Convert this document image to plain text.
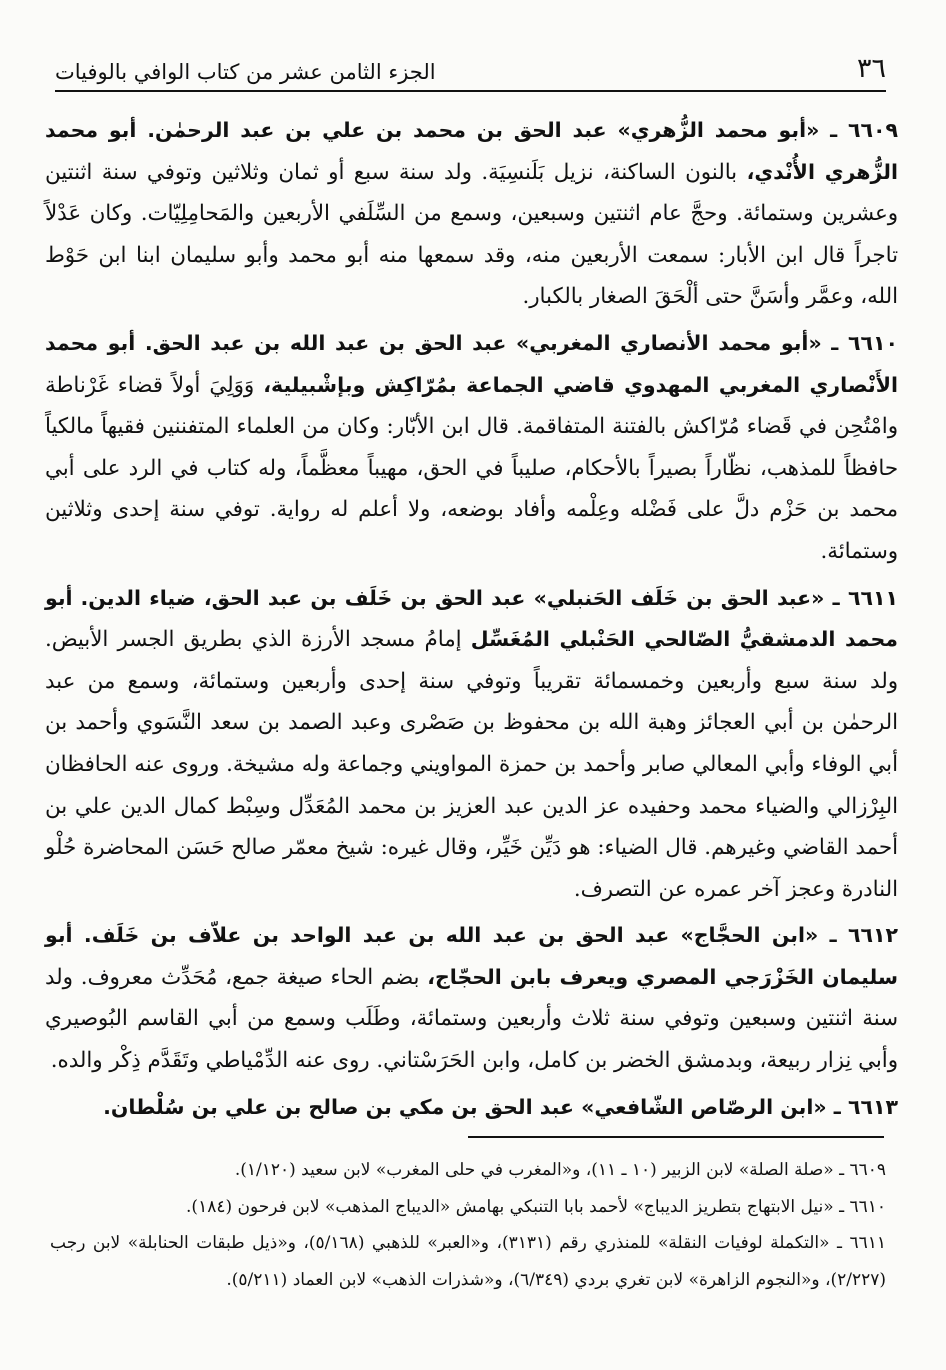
٣٦
الجزء الثامن عشر من كتاب الوافي بالوفيات

٦٦٠٩ ـ «أبو محمد الزُّهري» عبد الحق بن محمد بن علي بن عبد الرحمٰن. أبو محمد الزُّهري الأُنْدي، بالنون الساكنة، نزيل بَلَنسِيَة. ولد سنة سبع أو ثمان وثلاثين وتوفي سنة اثنتين وعشرين وستمائة. وحجَّ عام اثنتين وسبعين، وسمع من السِّلَفي الأربعين والمَحامِلِيّات. وكان عَدْلاً تاجراً قال ابن الأبار: سمعت الأربعين منه، وقد سمعها منه أبو محمد وأبو سليمان ابنا ابن حَوْط الله، وعمَّر وأسَنَّ حتى ألْحَقَ الصغار بالكبار.

٦٦١٠ ـ «أبو محمد الأنصاري المغربي» عبد الحق بن عبد الله بن عبد الحق. أبو محمد الأَنْصاري المغربي المهدوي قاضي الجماعة بمُرّاكِش وبإشْبيلية، وَوَلِيَ أولاً قضاء غَرْناطة وامْتُحِن في قَضاء مُرّاكش بالفتنة المتفاقمة. قال ابن الأبّار: وكان من العلماء المتفننين فقيهاً مالكياً حافظاً للمذهب، نظّاراً بصيراً بالأحكام، صليباً في الحق، مهيباً معظَّماً، وله كتاب في الرد على أبي محمد بن حَزْم دلَّ على فَضْله وعِلْمه وأفاد بوضعه، ولا أعلم له رواية. توفي سنة إحدى وثلاثين وستمائة.

٦٦١١ ـ «عبد الحق بن خَلَف الحَنبلي» عبد الحق بن خَلَف بن عبد الحق، ضياء الدين. أبو محمد الدمشقيُّ الصّالحي الحَنْبلي المُغَسِّل إمامُ مسجد الأرزة الذي بطريق الجسر الأبيض. ولد سنة سبع وأربعين وخمسمائة تقريباً وتوفي سنة إحدى وأربعين وستمائة، وسمع من عبد الرحمٰن بن أبي العجائز وهبة الله بن محفوظ بن صَصْرى وعبد الصمد بن سعد النَّسَوي وأحمد بن أبي الوفاء وأبي المعالي صابر وأحمد بن حمزة المواويني وجماعة وله مشيخة. وروى عنه الحافظان البِرْزالي والضياء محمد وحفيده عز الدين عبد العزيز بن محمد المُعَدِّل وسِبْط كمال الدين علي بن أحمد القاضي وغيرهم. قال الضياء: هو دَيِّن خَيِّر، وقال غيره: شيخ معمّر صالح حَسَن المحاضرة حُلْو النادرة وعجز آخر عمره عن التصرف.

٦٦١٢ ـ «ابن الحجَّاج» عبد الحق بن عبد الله بن عبد الواحد بن علاّف بن خَلَف. أبو سليمان الخَزْرَجي المصري ويعرف بابن الحجّاج، بضم الحاء صيغة جمع، مُحَدِّث معروف. ولد سنة اثنتين وسبعين وتوفي سنة ثلاث وأربعين وستمائة، وطَلَب وسمع من أبي القاسم البُوصيري وأبي نِزار ربيعة، وبدمشق الخضر بن كامل، وابن الحَرَسْتاني. روى عنه الدِّمْياطي وتَقَدَّم ذِكْر والده.

٦٦١٣ ـ «ابن الرصّاص الشّافعي» عبد الحق بن مكي بن صالح بن علي بن سُلْطان.

٦٦٠٩ ـ «صلة الصلة» لابن الزبير (١٠ ـ ١١)، و«المغرب في حلى المغرب» لابن سعيد (١/١٢٠).

٦٦١٠ ـ «نيل الابتهاج بتطريز الديباج» لأحمد بابا التنبكي بهامش «الديباج المذهب» لابن فرحون (١٨٤).

٦٦١١ ـ «التكملة لوفيات النقلة» للمنذري رقم (٣١٣١)، و«العبر» للذهبي (٥/١٦٨)، و«ذيل طبقات الحنابلة» لابن رجب (٢/٢٢٧)، و«النجوم الزاهرة» لابن تغري بردي (٦/٣٤٩)، و«شذرات الذهب» لابن العماد (٥/٢١١).
